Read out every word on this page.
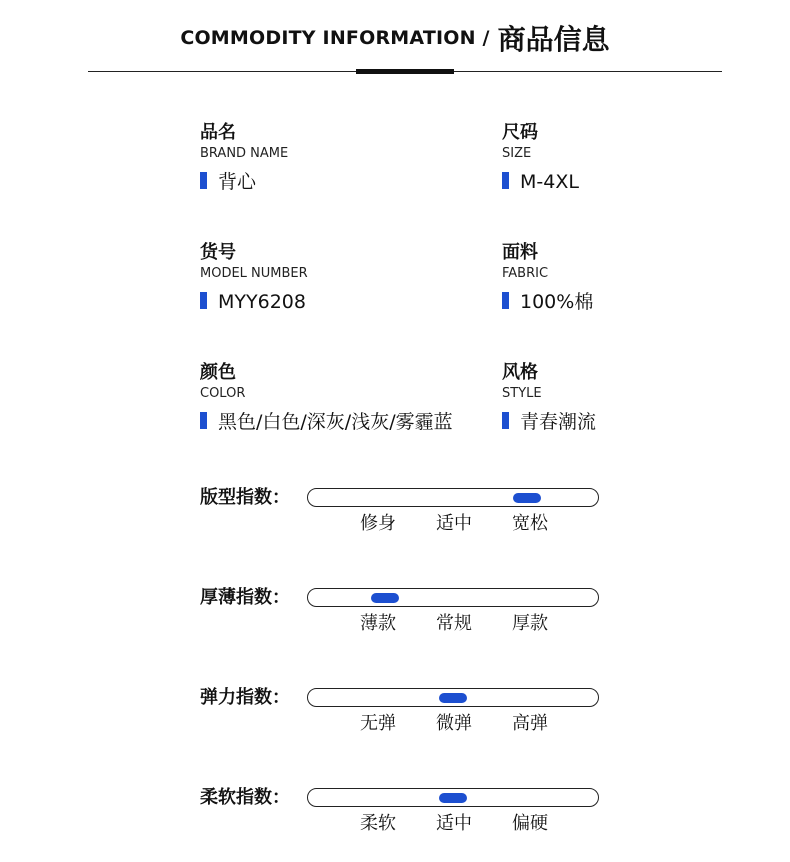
COMMODITY INFORMATION / 商品信息
品名
BRAND NAME
背心
尺码
SIZE
M-4XL
货号
MODEL NUMBER
MYY6208
面料
FABRIC
100%棉
颜色
COLOR
黑色/白色/深灰/浅灰/雾霾蓝
风格
STYLE
青春潮流
版型指数：
修身 适中 宽松
厚薄指数：
薄款 常规 厚款
弹力指数：
无弹 微弹 高弹
柔软指数：
柔软 适中 偏硬
